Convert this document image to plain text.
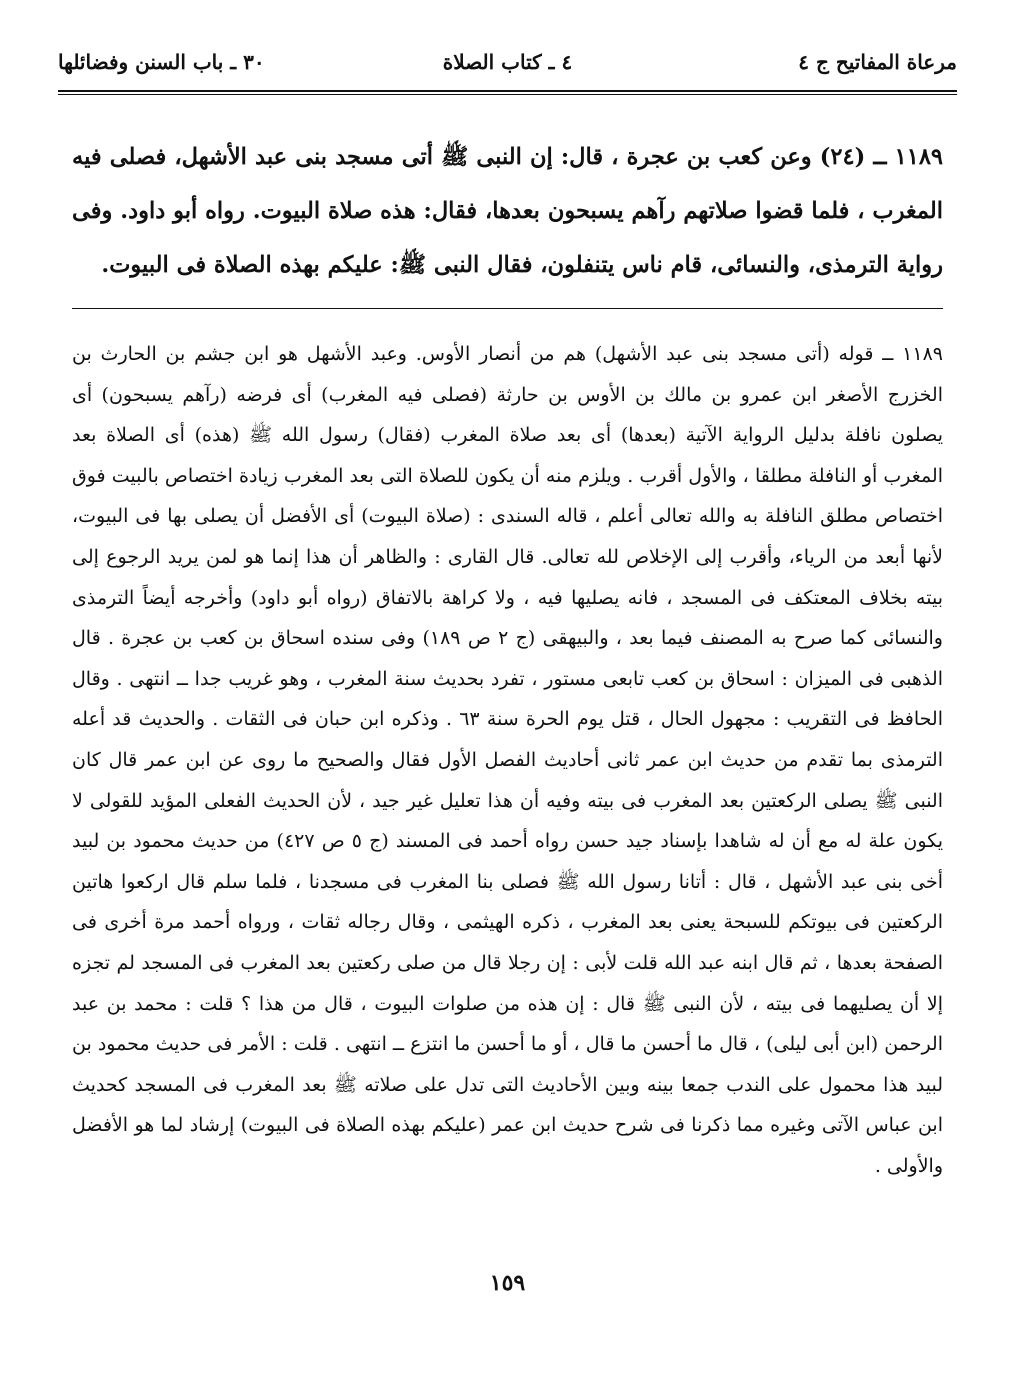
مرعاة المفاتيح ج ٤
٤ ـ كتاب الصلاة
٣٠ ـ باب السنن وفضائلها
١١٨٩ ــ (٢٤) وعن كعب بن عجرة ، قال: إن النبى ﷺ أتى مسجد بنى عبد الأشهل، فصلى فيه المغرب ، فلما قضوا صلاتهم رآهم يسبحون بعدها، فقال: هذه صلاة البيوت. رواه أبو داود. وفى رواية الترمذى، والنسائى، قام ناس يتنفلون، فقال النبى ﷺ: عليكم بهذه الصلاة فى البيوت.

١١٨٩ ــ قوله (أتى مسجد بنى عبد الأشهل) هم من أنصار الأوس. وعبد الأشهل هو ابن جشم بن الحارث بن الخزرج الأصغر ابن عمرو بن مالك بن الأوس بن حارثة (فصلى فيه المغرب) أى فرضه (رآهم يسبحون) أى يصلون نافلة بدليل الرواية الآتية (بعدها) أى بعد صلاة المغرب (فقال) رسول الله ﷺ (هذه) أى الصلاة بعد المغرب أو النافلة مطلقا ، والأول أقرب . ويلزم منه أن يكون للصلاة التى بعد المغرب زيادة اختصاص بالبيت فوق اختصاص مطلق النافلة به والله تعالى أعلم ، قاله السندى : (صلاة البيوت) أى الأفضل أن يصلى بها فى البيوت، لأنها أبعد من الرياء، وأقرب إلى الإخلاص لله تعالى. قال القارى : والظاهر أن هذا إنما هو لمن يريد الرجوع إلى بيته بخلاف المعتكف فى المسجد ، فانه يصليها فيه ، ولا كراهة بالاتفاق (رواه أبو داود) وأخرجه أيضاً الترمذى والنسائى كما صرح به المصنف فيما بعد ، والبيهقى (ج ٢ ص ١٨٩) وفى سنده اسحاق بن كعب بن عجرة . قال الذهبى فى الميزان : اسحاق بن كعب تابعى مستور ، تفرد بحديث سنة المغرب ، وهو غريب جدا ــ انتهى . وقال الحافظ فى التقريب : مجهول الحال ، قتل يوم الحرة سنة ٦٣ . وذكره ابن حبان فى الثقات . والحديث قد أعله الترمذى بما تقدم من حديث ابن عمر ثانى أحاديث الفصل الأول فقال والصحيح ما روى عن ابن عمر قال كان النبى ﷺ يصلى الركعتين بعد المغرب فى بيته وفيه أن هذا تعليل غير جيد ، لأن الحديث الفعلى المؤيد للقولى لا يكون علة له مع أن له شاهدا بإسناد جيد حسن رواه أحمد فى المسند (ج ٥ ص ٤٢٧) من حديث محمود بن لبيد أخى بنى عبد الأشهل ، قال : أتانا رسول الله ﷺ فصلى بنا المغرب فى مسجدنا ، فلما سلم قال اركعوا هاتين الركعتين فى بيوتكم للسبحة يعنى بعد المغرب ، ذكره الهيثمى ، وقال رجاله ثقات ، ورواه أحمد مرة أخرى فى الصفحة بعدها ، ثم قال ابنه عبد الله قلت لأبى : إن رجلا قال من صلى ركعتين بعد المغرب فى المسجد لم تجزه إلا أن يصليهما فى بيته ، لأن النبى ﷺ قال : إن هذه من صلوات البيوت ، قال من هذا ؟ قلت : محمد بن عبد الرحمن (ابن أبى ليلى) ، قال ما أحسن ما قال ، أو ما أحسن ما انتزع ــ انتهى . قلت : الأمر فى حديث محمود بن لبيد هذا محمول على الندب جمعا بينه وبين الأحاديث التى تدل على صلاته ﷺ بعد المغرب فى المسجد كحديث ابن عباس الآتى وغيره مما ذكرنا فى شرح حديث ابن عمر (عليكم بهذه الصلاة فى البيوت) إرشاد لما هو الأفضل والأولى .

١٥٩
